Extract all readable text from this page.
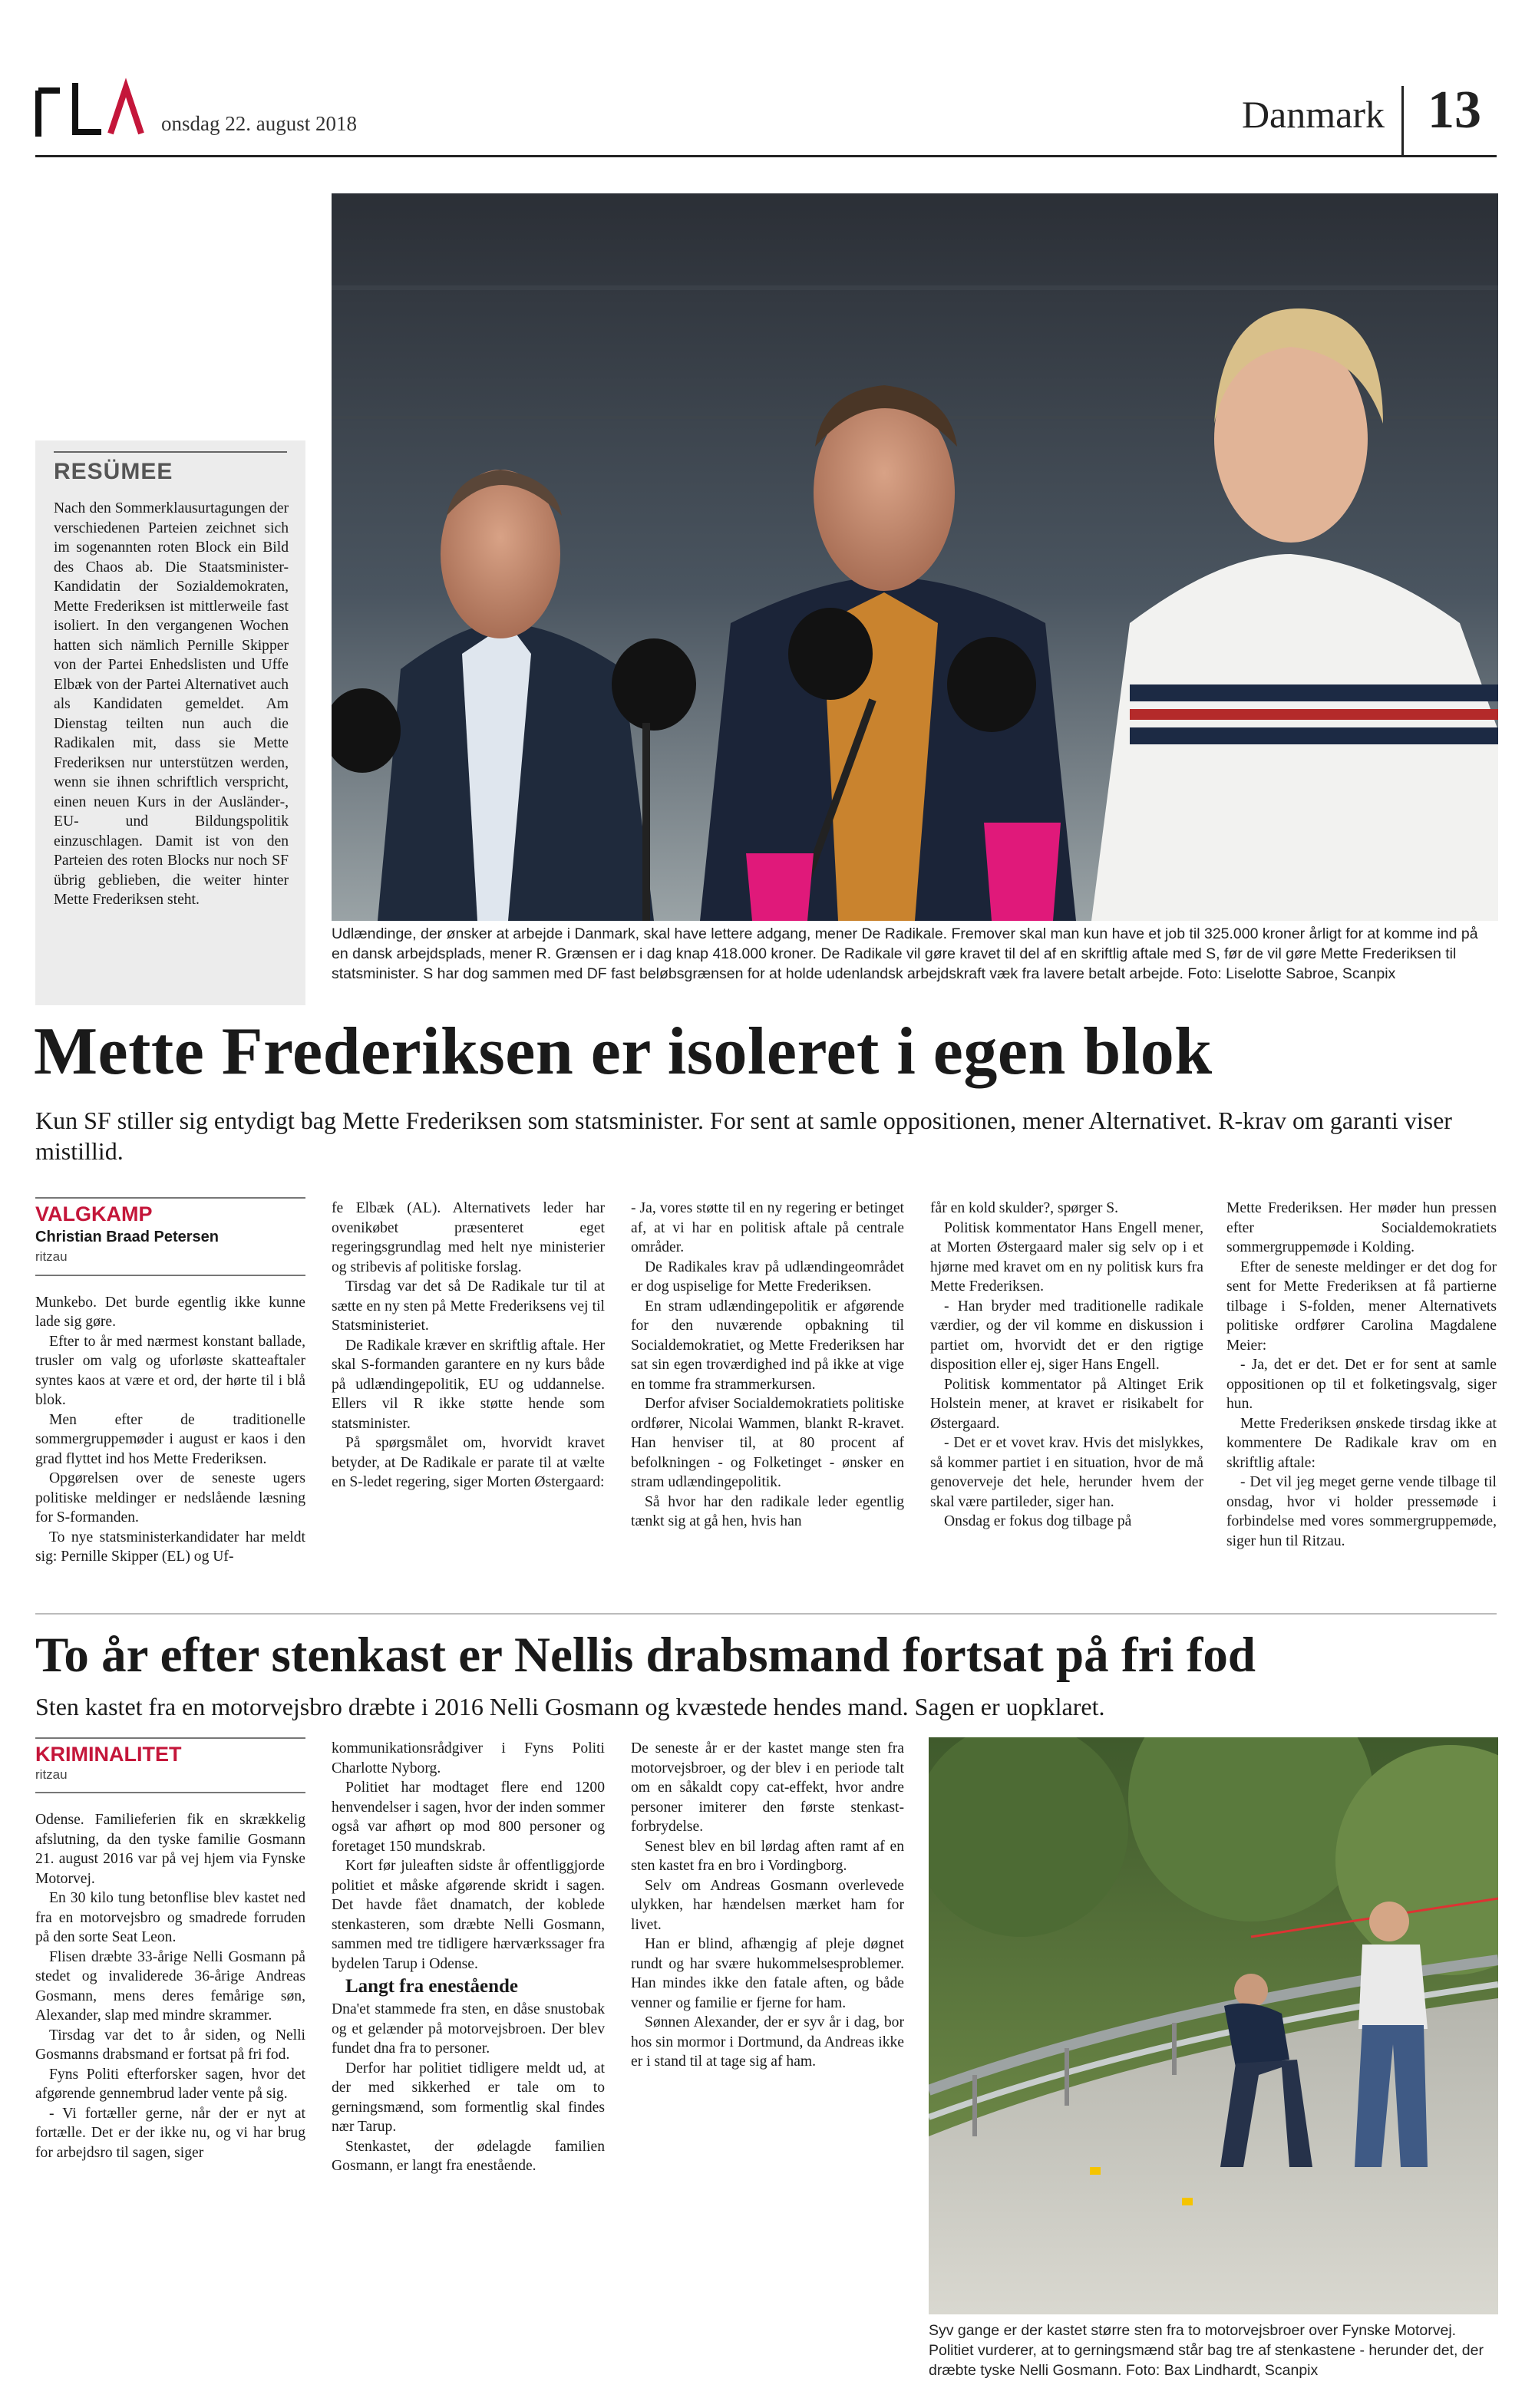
onsdag 22. august 2018	Danmark 13
RESÜMEE
Nach den Sommerklausurtagungen der verschiedenen Parteien zeichnet sich im sogenannten roten Block ein Bild des Chaos ab. Die Staatsminister-Kandidatin der Sozialdemokraten, Mette Frederiksen ist mittlerweile fast isoliert. In den vergangenen Wochen hatten sich nämlich Pernille Skipper von der Partei Enhedslisten und Uffe Elbæk von der Partei Alternativet auch als Kandidaten gemeldet. Am Dienstag teilten nun auch die Radikalen mit, dass sie Mette Frederiksen nur unterstützen werden, wenn sie ihnen schriftlich verspricht, einen neuen Kurs in der Ausländer-, EU- und Bildungspolitik einzuschlagen. Damit ist von den Parteien des roten Blocks nur noch SF übrig geblieben, die weiter hinter Mette Frederiksen steht.
Udlændinge, der ønsker at arbejde i Danmark, skal have lettere adgang, mener De Radikale. Fremover skal man kun have et job til 325.000 kroner årligt for at komme ind på en dansk arbejdsplads, mener R. Grænsen er i dag knap 418.000 kroner. De Radikale vil gøre kravet til del af en skriftlig aftale med S, før de vil gøre Mette Frederiksen til statsminister. S har dog sammen med DF fast beløbsgrænsen for at holde udenlandsk arbejdskraft væk fra lavere betalt arbejde. Foto: Liselotte Sabroe, Scanpix
Mette Frederiksen er isoleret i egen blok
Kun SF stiller sig entydigt bag Mette Frederiksen som statsminister. For sent at samle oppositionen, mener Alternativet. R-krav om garanti viser mistillid.
VALGKAMP
Christian Braad Petersen
ritzau

Munkebo. Det burde egentlig ikke kunne lade sig gøre.

Efter to år med nærmest konstant ballade, trusler om valg og uforløste skatteaftaler syntes kaos at være et ord, der hørte til i blå blok.

Men efter de traditionelle sommergruppemøder i august er kaos i den grad flyttet ind hos Mette Frederiksen.

Opgørelsen over de seneste ugers politiske meldinger er nedslående læsning for S-formanden.

To nye statsministerkandidater har meldt sig: Pernille Skipper (EL) og Uf-

fe Elbæk (AL). Alternativets leder har ovenikøbet præsenteret eget regeringsgrundlag med helt nye ministerier og stribevis af politiske forslag.

Tirsdag var det så De Radikale tur til at sætte en ny sten på Mette Frederiksens vej til Statsministeriet.

De Radikale kræver en skriftlig aftale. Her skal S-formanden garantere en ny kurs både på udlændingepolitik, EU og uddannelse. Ellers vil R ikke støtte hende som statsminister.

På spørgsmålet om, hvorvidt kravet betyder, at De Radikale er parate til at vælte en S-ledet regering, siger Morten Østergaard:

- Ja, vores støtte til en ny regering er betinget af, at vi har en politisk aftale på centrale områder.

De Radikales krav på udlændingeområdet er dog uspiselige for Mette Frederiksen.

En stram udlændingepolitik er afgørende for den nuværende opbakning til Socialdemokratiet, og Mette Frederiksen har sat sin egen troværdighed ind på ikke at vige en tomme fra strammerkursen.

Derfor afviser Socialdemokratiets politiske ordfører, Nicolai Wammen, blankt R-kravet. Han henviser til, at 80 procent af befolkningen - og Folketinget - ønsker en stram udlændingepolitik.

Så hvor har den radikale leder egentlig tænkt sig at gå hen, hvis han

får en kold skulder?, spørger S.

Politisk kommentator Hans Engell mener, at Morten Østergaard maler sig selv op i et hjørne med kravet om en ny politisk kurs fra Mette Frederiksen.

- Han bryder med traditionelle radikale værdier, og der vil komme en diskussion i partiet om, hvorvidt det er den rigtige disposition eller ej, siger Hans Engell.

Politisk kommentator på Altinget Erik Holstein mener, at kravet er risikabelt for Østergaard.

- Det er et vovet krav. Hvis det mislykkes, så kommer partiet i en situation, hvor de må genoverveje det hele, herunder hvem der skal være partileder, siger han.

Onsdag er fokus dog tilbage på

Mette Frederiksen. Her møder hun pressen efter Socialdemokratiets sommergruppemøde i Kolding.

Efter de seneste meldinger er det dog for sent for Mette Frederiksen at få partierne tilbage i S-folden, mener Alternativets politiske ordfører Carolina Magdalene Meier:

- Ja, det er det. Det er for sent at samle oppositionen op til et folketingsvalg, siger hun.

Mette Frederiksen ønskede tirsdag ikke at kommentere De Radikale krav om en skriftlig aftale:

- Det vil jeg meget gerne vende tilbage til onsdag, hvor vi holder pressemøde i forbindelse med vores sommergruppemøde, siger hun til Ritzau.

To år efter stenkast er Nellis drabsmand fortsat på fri fod
Sten kastet fra en motorvejsbro dræbte i 2016 Nelli Gosmann og kvæstede hendes mand. Sagen er uopklaret.
KRIMINALITET
ritzau

Odense. Familieferien fik en skrækkelig afslutning, da den tyske familie Gosmann 21. august 2016 var på vej hjem via Fynske Motorvej.

En 30 kilo tung betonflise blev kastet ned fra en motorvejsbro og smadrede forruden på den sorte Seat Leon.

Flisen dræbte 33-årige Nelli Gosmann på stedet og invaliderede 36-årige Andreas Gosmann, mens deres femårige søn, Alexander, slap med mindre skrammer.

Tirsdag var det to år siden, og Nelli Gosmanns drabsmand er fortsat på fri fod.

Fyns Politi efterforsker sagen, hvor det afgørende gennembrud lader vente på sig.

- Vi fortæller gerne, når der er nyt at fortælle. Det er der ikke nu, og vi har brug for arbejdsro til sagen, siger

kommunikationsrådgiver i Fyns Politi Charlotte Nyborg.

Politiet har modtaget flere end 1200 henvendelser i sagen, hvor der inden sommer også var afhørt op mod 800 personer og foretaget 150 mundskrab.

Kort før juleaften sidste år offentliggjorde politiet et måske afgørende skridt i sagen. Det havde fået dnamatch, der koblede stenkasteren, som dræbte Nelli Gosmann, sammen med tre tidligere hærværkssager fra bydelen Tarup i Odense.

Langt fra enestående

Dna'et stammede fra sten, en dåse snustobak og et gelænder på motorvejsbroen. Der blev fundet dna fra to personer.

Derfor har politiet tidligere meldt ud, at der med sikkerhed er tale om to gerningsmænd, som formentlig skal findes nær Tarup.

Stenkastet, der ødelagde familien Gosmann, er langt fra enestående.

De seneste år er der kastet mange sten fra motorvejsbroer, og der blev i en periode talt om en såkaldt copy cat-effekt, hvor andre personer imiterer den første stenkast-forbrydelse.

Senest blev en bil lørdag aften ramt af en sten kastet fra en bro i Vordingborg.

Selv om Andreas Gosmann overlevede ulykken, har hændelsen mærket ham for livet.

Han er blind, afhængig af pleje døgnet rundt og har svære hukommelsesproblemer. Han mindes ikke den fatale aften, og både venner og familie er fjerne for ham.

Sønnen Alexander, der er syv år i dag, bor hos sin mormor i Dortmund, da Andreas ikke er i stand til at tage sig af ham.

Syv gange er der kastet større sten fra to motorvejsbroer over Fynske Motorvej. Politiet vurderer, at to gerningsmænd står bag tre af stenkastene - herunder det, der dræbte tyske Nelli Gosmann. Foto: Bax Lindhardt, Scanpix
